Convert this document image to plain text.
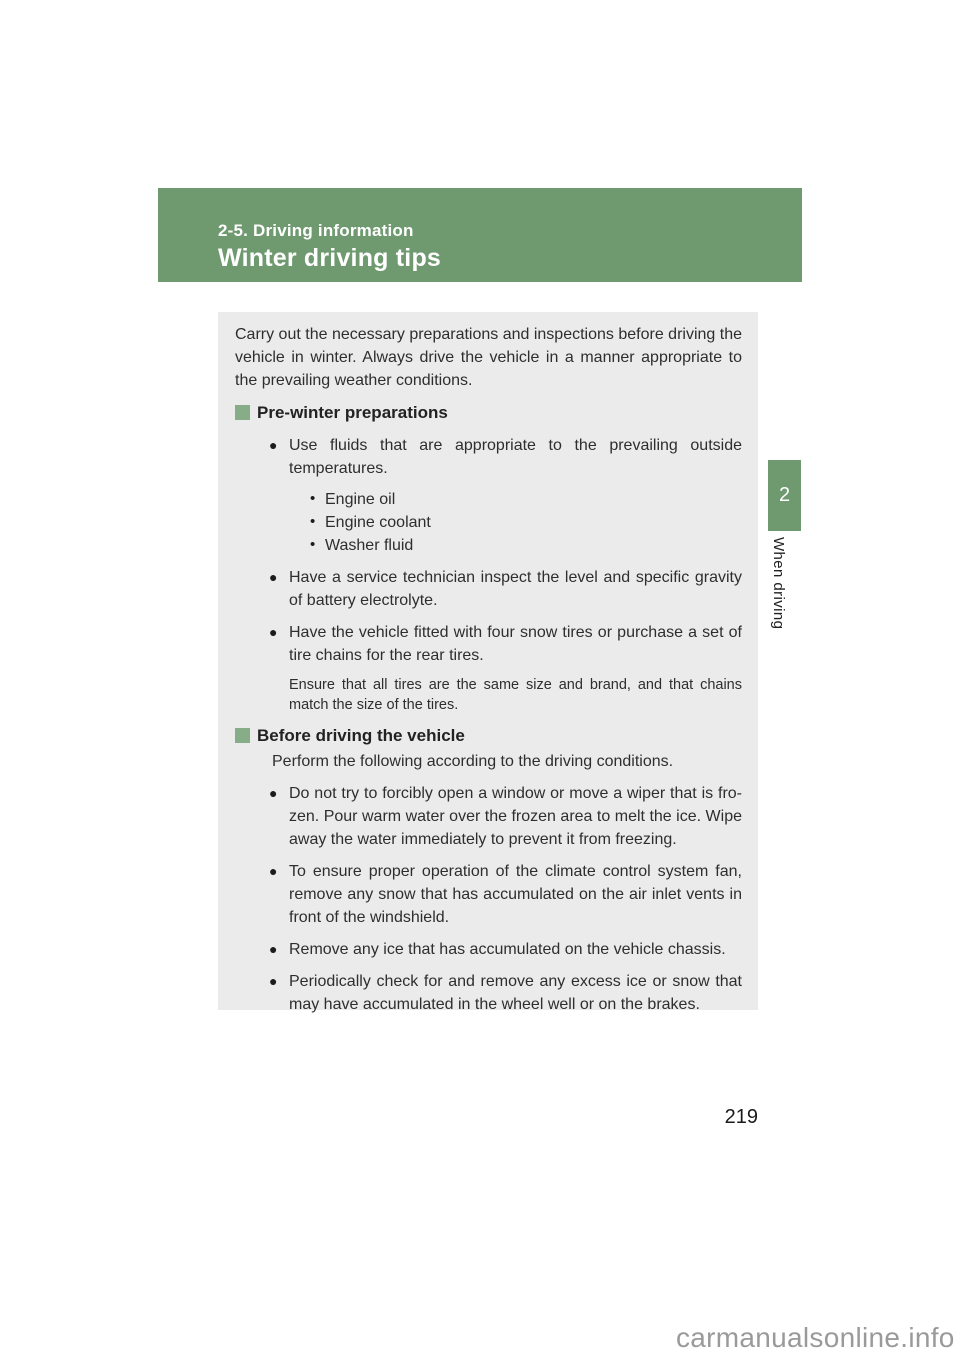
2-5. Driving information
Winter driving tips

Carry out the necessary preparations and inspections before driving the vehicle in winter. Always drive the vehicle in a manner appropriate to the prevailing weather conditions.

Pre-winter preparations
● Use fluids that are appropriate to the prevailing outside temperatures.
• Engine oil
• Engine coolant
• Washer fluid
● Have a service technician inspect the level and specific gravity of battery electrolyte.
● Have the vehicle fitted with four snow tires or purchase a set of tire chains for the rear tires.

Ensure that all tires are the same size and brand, and that chains match the size of the tires.

Before driving the vehicle

Perform the following according to the driving conditions.

● Do not try to forcibly open a window or move a wiper that is frozen. Pour warm water over the frozen area to melt the ice. Wipe away the water immediately to prevent it from freezing.
● To ensure proper operation of the climate control system fan, remove any snow that has accumulated on the air inlet vents in front of the windshield.
● Remove any ice that has accumulated on the vehicle chassis.
● Periodically check for and remove any excess ice or snow that may have accumulated in the wheel well or on the brakes.
2
When driving
219
carmanualsonline.info
